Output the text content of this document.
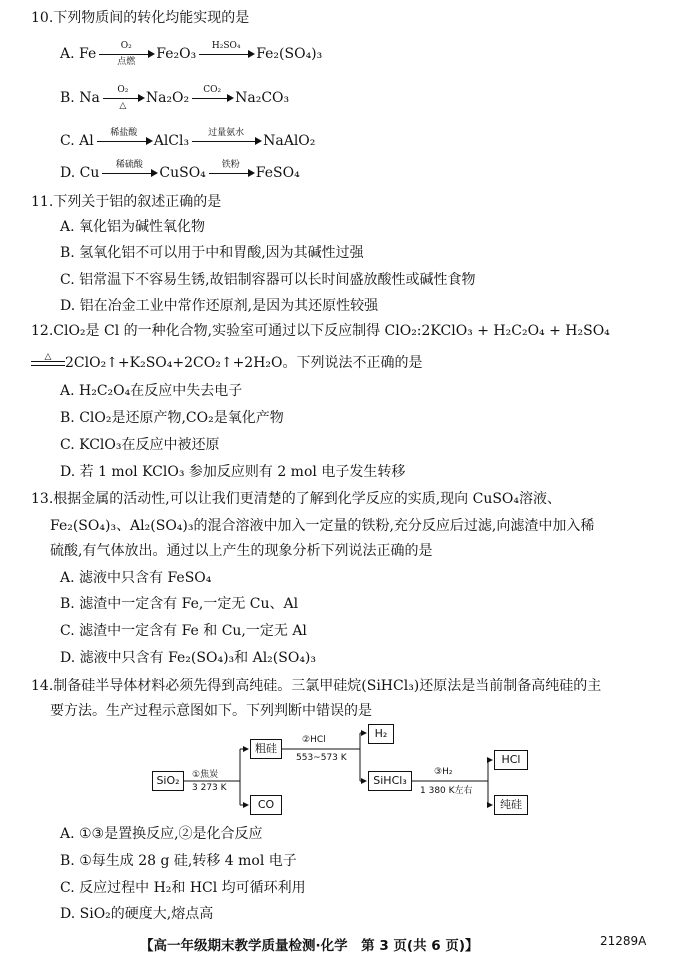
10.下列物质间的转化均能实现的是
A. Fe	O₂
点燃	Fe₂O₃	H₂SO₄	Fe₂(SO₄)₃
B. Na	O₂
△	Na₂O₂	CO₂	Na₂CO₃
C. Al	稀盐酸	AlCl₃	过量氨水	NaAlO₂
D. Cu	稀硫酸	CuSO₄	铁粉	FeSO₄
11.下列关于铝的叙述正确的是
A. 氧化铝为碱性氧化物
B. 氢氧化铝不可以用于中和胃酸,因为其碱性过强
C. 铝常温下不容易生锈,故铝制容器可以长时间盛放酸性或碱性食物
D. 铝在冶金工业中常作还原剂,是因为其还原性较强
12.ClO₂是 Cl 的一种化合物,实验室可通过以下反应制得 ClO₂:2KClO₃ + H₂C₂O₄ + H₂SO₄
△ 2ClO₂↑+K₂SO₄+2CO₂↑+2H₂O。下列说法不正确的是
A. H₂C₂O₄在反应中失去电子
B. ClO₂是还原产物,CO₂是氧化产物
C. KClO₃在反应中被还原
D. 若 1 mol KClO₃ 参加反应则有 2 mol 电子发生转移
13.根据金属的活动性,可以让我们更清楚的了解到化学反应的实质,现向 CuSO₄溶液、
Fe₂(SO₄)₃、Al₂(SO₄)₃的混合溶液中加入一定量的铁粉,充分反应后过滤,向滤渣中加入稀
硫酸,有气体放出。通过以上产生的现象分析下列说法正确的是
A. 滤液中只含有 FeSO₄
B. 滤渣中一定含有 Fe,一定无 Cu、Al
C. 滤渣中一定含有 Fe 和 Cu,一定无 Al
D. 滤液中只含有 Fe₂(SO₄)₃和 Al₂(SO₄)₃
14.制备硅半导体材料必须先得到高纯硅。三氯甲硅烷(SiHCl₃)还原法是当前制备高纯硅的主
要方法。生产过程示意图如下。下列判断中错误的是
SiO₂	①焦炭
3 273 K
粗硅
CO
②HCl
553~573 K
H₂
SiHCl₃
③H₂
1 380 K左右
HCl
纯硅
A. ①③是置换反应,②是化合反应
B. ①每生成 28 g 硅,转移 4 mol 电子
C. 反应过程中 H₂和 HCl 均可循环利用
D. SiO₂的硬度大,熔点高
【高一年级期末教学质量检测·化学　第 3 页(共 6 页)】	21289A
